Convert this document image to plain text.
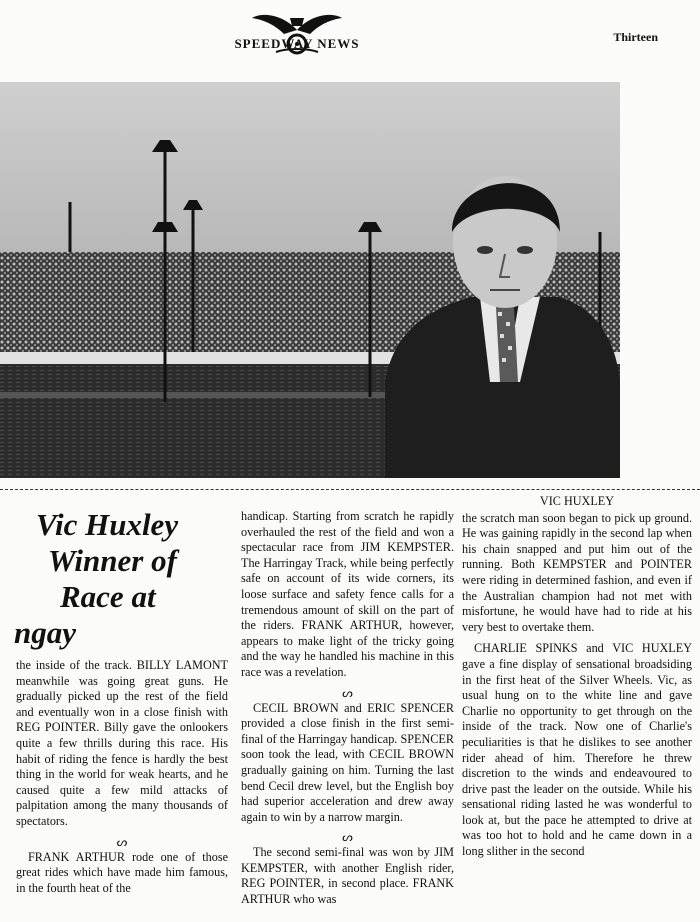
SPEEDWAY NEWS	Thirteen
Vic Huxley
Winner of
Race at
ngay

the inside of the track. BILLY LAMONT meanwhile was going great guns. He gradually picked up the rest of the field and eventually won in a close finish with REG POINTER. Billy gave the onlookers quite a few thrills during this race. His habit of riding the fence is hardly the best thing in the world for weak hearts, and he caused quite a few mild attacks of palpitation among the many thousands of spectators.

ᔕ

FRANK ARTHUR rode one of those great rides which have made him famous, in the fourth heat of the

handicap. Starting from scratch he rapidly overhauled the rest of the field and won a spectacular race from JIM KEMPSTER. The Harringay Track, while being perfectly safe on account of its wide corners, its loose surface and safety fence calls for a tremendous amount of skill on the part of the riders. FRANK ARTHUR, however, appears to make light of the tricky going and the way he handled his machine in this race was a revelation.

ᔕ

CECIL BROWN and ERIC SPENCER provided a close finish in the first semi-final of the Harringay handicap. SPENCER soon took the lead, with CECIL BROWN gradually gaining on him. Turning the last bend Cecil drew level, but the English boy had superior acceleration and drew away again to win by a narrow margin.

ᔕ

The second semi-final was won by JIM KEMPSTER, with another English rider, REG POINTER, in second place. FRANK ARTHUR who was

VIC HUXLEY

the scratch man soon began to pick up ground. He was gaining rapidly in the second lap when his chain snapped and put him out of the running. Both KEMPSTER and POINTER were riding in determined fashion, and even if the Australian champion had not met with misfortune, he would have had to ride at his very best to overtake them.

CHARLIE SPINKS and VIC HUXLEY gave a fine display of sensational broadsiding in the first heat of the Silver Wheels. Vic, as usual hung on to the white line and gave Charlie no opportunity to get through on the inside of the track. Now one of Charlie's peculiarities is that he dislikes to see another rider ahead of him. Therefore he threw discretion to the winds and endeavoured to drive past the leader on the outside. While his sensational riding lasted he was wonderful to look at, but the pace he attempted to drive at was too hot to hold and he came down in a long slither in the second
